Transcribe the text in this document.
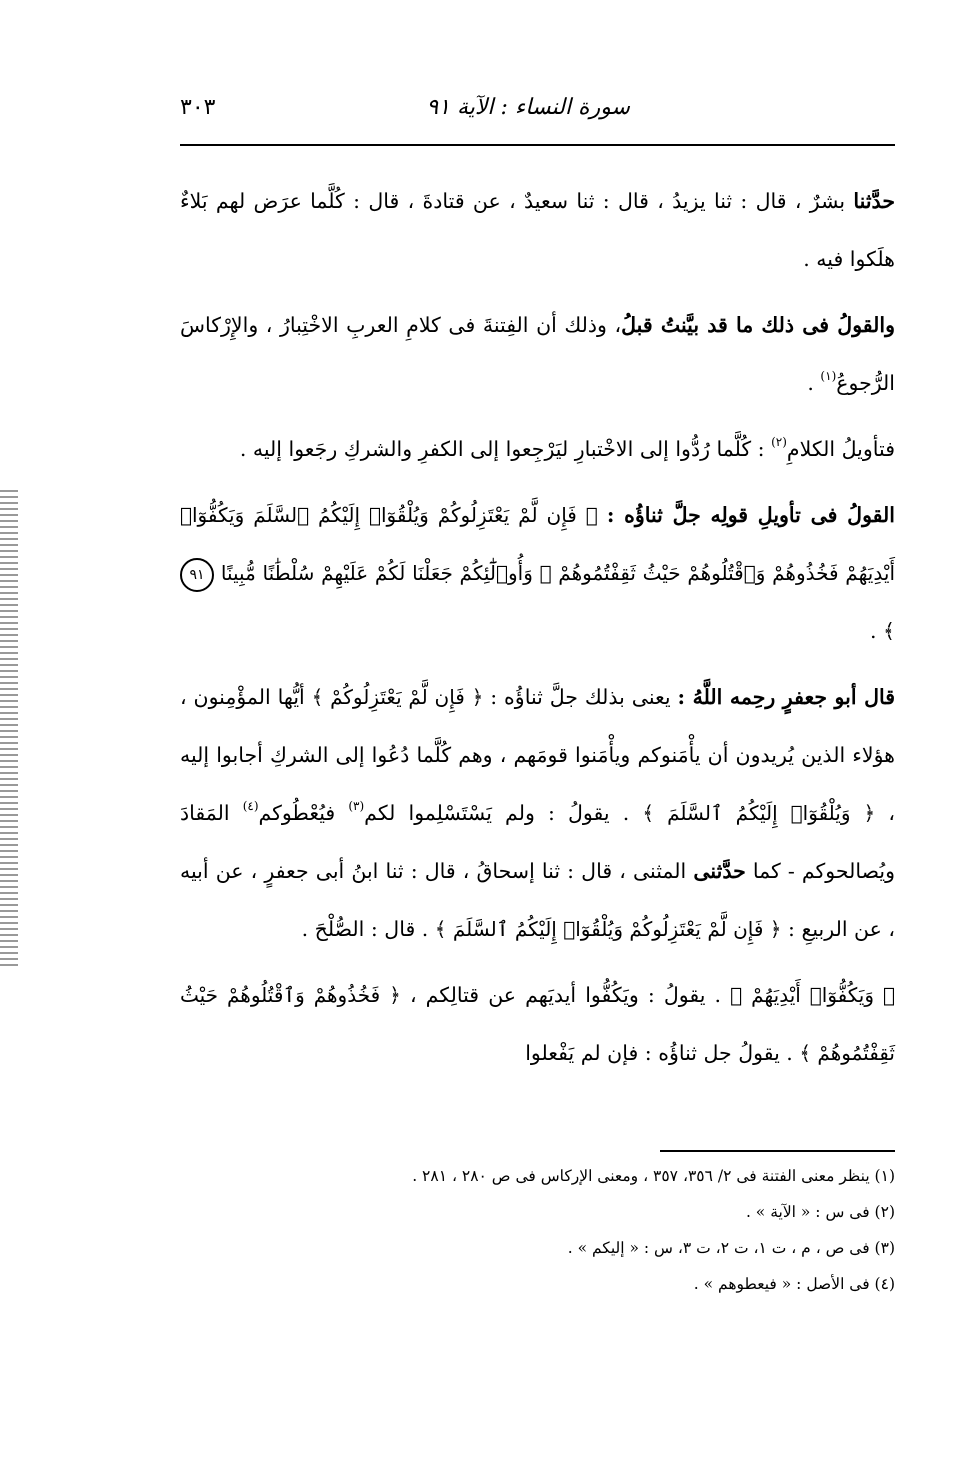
سورة النساء : الآية ٩١
٣٠٣

حدَّثنا بشرٌ ، قال : ثنا يزيدُ ، قال : ثنا سعيدٌ ، عن قتادةَ ، قال : كُلَّما عرَض لهم بَلاءٌ هلَكوا فيه .

والقولُ فى ذلك ما قد بيَّنتُ قبلُ، وذلك أن الفِتنةَ فى كلامِ العربِ الاخْتِبارُ ، والإِرْكاسَ الرُّجوعُ$^{(١)}$ .

فتأويلُ الكلامِ$^{(٢)}$ : كُلَّما رُدُّوا إلى الاخْتبارِ ليَرْجِعوا إلى الكفرِ والشركِ رجَعوا إليه .

القولُ فى تأويلِ قولِه جلَّ ثناؤُه : ﴿ فَإِن لَّمْ يَعْتَزِلُوكُمْ وَيُلْقُوٓا۟ إِلَيْكُمُ ٱلسَّلَمَ وَيَكُفُّوٓا۟ أَيْدِيَهُمْ فَخُذُوهُمْ وَٱقْتُلُوهُمْ حَيْثُ ثَقِفْتُمُوهُمْ ۚ وَأُو۟لَٰٓئِكُمْ جَعَلْنَا لَكُمْ عَلَيْهِمْ سُلْطَٰنًا مُّبِينًا ٩١ ﴾ .

قال أبو جعفرٍ رحِمه اللَّهُ : يعنى بذلك جلَّ ثناؤُه : ﴿ فَإِن لَّمْ يَعْتَزِلُوكُمْ ﴾ أيُّها المؤْمِنون ، هؤلاء الذين يُريدون أن يأْمَنوكم ويأْمَنوا قومَهم ، وهم كُلَّما دُعُوا إلى الشركِ أجابوا إليه ، ﴿ وَيُلْقُوٓا۟ إِلَيْكُمُ ٱلسَّلَمَ ﴾ . يقولُ : ولم يَسْتَسْلِموا لكم$^{(٣)}$ فيُعْطُوكم$^{(٤)}$ المَقادَ ويُصالحوكم - كما حدَّثنى المثنى ، قال : ثنا إسحاقُ ، قال : ثنا ابنُ أبى جعفرٍ ، عن أبيه ، عن الربيعِ : ﴿ فَإِن لَّمْ يَعْتَزِلُوكُمْ وَيُلْقُوٓا۟ إِلَيْكُمُ ٱلسَّلَمَ ﴾ . قال : الصُّلْحَ .

﴿ وَيَكُفُّوٓا۟ أَيْدِيَهُمْ ﴾ . يقولُ : ويَكُفُّوا أيديَهم عن قتالِكم ، ﴿ فَخُذُوهُمْ وَٱقْتُلُوهُمْ حَيْثُ ثَقِفْتُمُوهُمْ ﴾ . يقولُ جل ثناؤُه : فإن لم يَفْعلوا

(١) ينظر معنى الفتنة فى ٢/ ٣٥٦، ٣٥٧ ، ومعنى الإركاس فى ص ٢٨٠ ، ٢٨١ .
(٢) فى س : « الآية » .
(٣) فى ص ، م ، ت ١، ت ٢، ت ٣، س : « إليكم » .
(٤) فى الأصل : « فيعطوهم » .
